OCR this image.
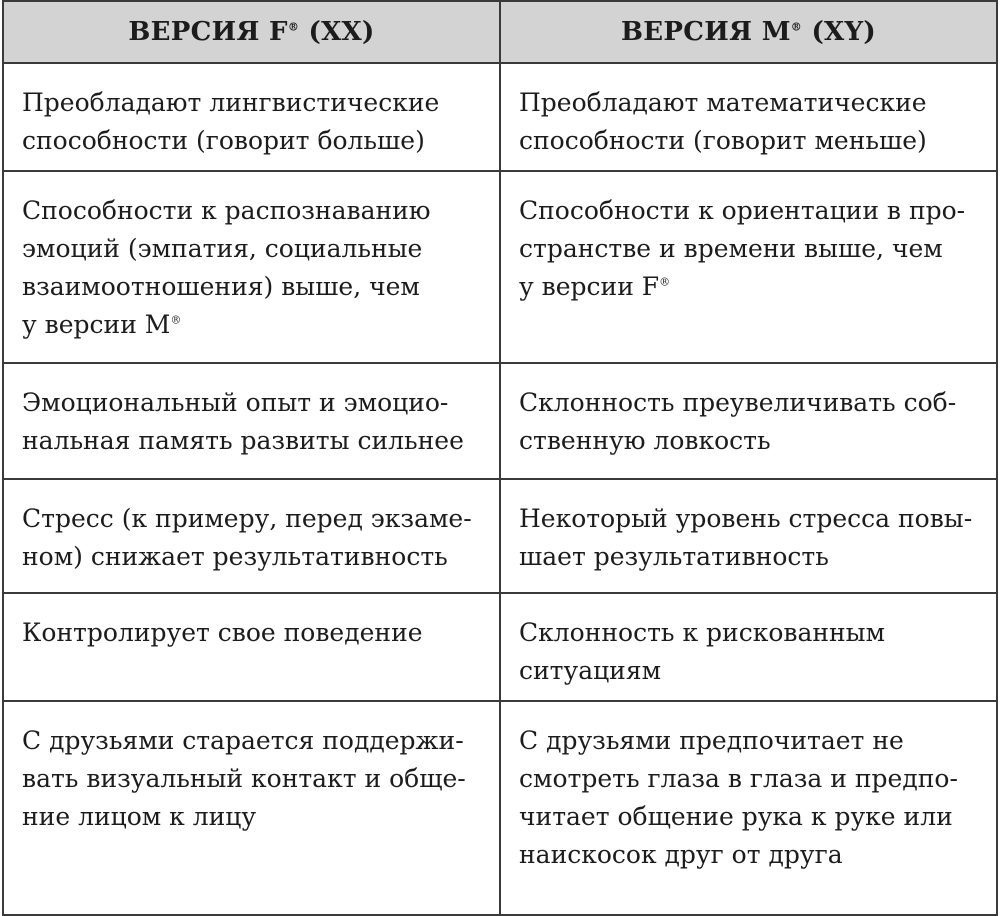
ВЕРСИЯ F® (XX)	ВЕРСИЯ M® (XY)

Преобладают лингвистические
способности (говорит больше)	Преобладают математические
способности (говорит меньше)

Способности к распознаванию
эмоций (эмпатия, социальные
взаимоотношения) выше, чем
у версии M®	Способности к ориентации в про-
странстве и времени выше, чем
у версии F®

Эмоциональный опыт и эмоцио-
нальная память развиты сильнее	Склонность преувеличивать соб-
ственную ловкость

Стресс (к примеру, перед экзаме-
ном) снижает результативность	Некоторый уровень стресса повы-
шает результативность

Контролирует свое поведение	Склонность к рискованным
ситуациям

С друзьями старается поддержи-
вать визуальный контакт и обще-
ние лицом к лицу	С друзьями предпочитает не
смотреть глаза в глаза и предпо-
читает общение рука к руке или
наискосок друг от друга
